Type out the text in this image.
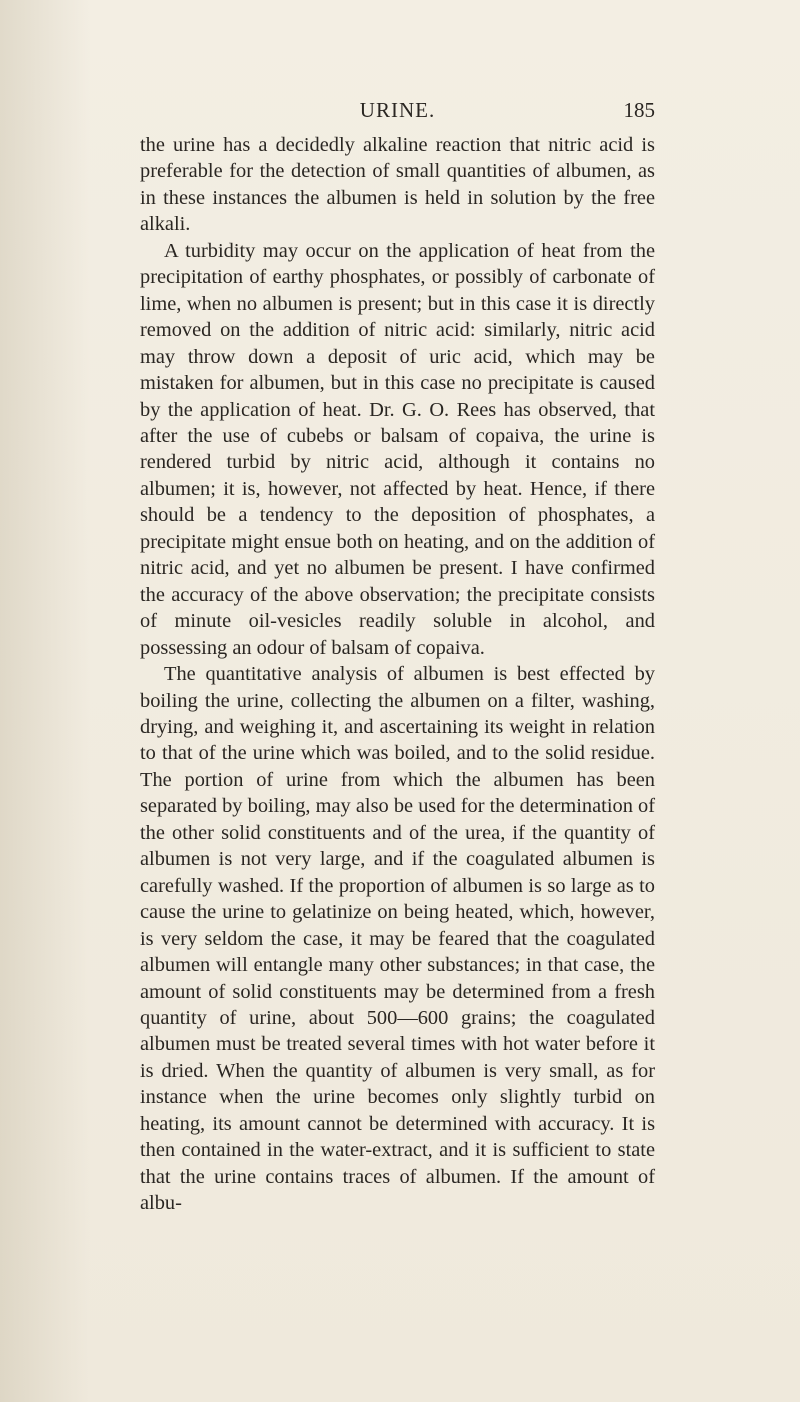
URINE.	185

the urine has a decidedly alkaline reaction that nitric acid is preferable for the detection of small quantities of albumen, as in these instances the albumen is held in solution by the free alkali.

A turbidity may occur on the application of heat from the precipitation of earthy phosphates, or possibly of carbonate of lime, when no albumen is present; but in this case it is directly removed on the addition of nitric acid: similarly, nitric acid may throw down a deposit of uric acid, which may be mistaken for albumen, but in this case no precipitate is caused by the application of heat. Dr. G. O. Rees has observed, that after the use of cubebs or balsam of copaiva, the urine is rendered turbid by nitric acid, although it contains no albumen; it is, however, not affected by heat. Hence, if there should be a tendency to the deposition of phosphates, a precipitate might ensue both on heating, and on the addition of nitric acid, and yet no albumen be present. I have confirmed the accuracy of the above observation; the precipitate consists of minute oil-vesicles readily soluble in alcohol, and possessing an odour of balsam of copaiva.

The quantitative analysis of albumen is best effected by boiling the urine, collecting the albumen on a filter, washing, drying, and weighing it, and ascertaining its weight in relation to that of the urine which was boiled, and to the solid residue. The portion of urine from which the albumen has been separated by boiling, may also be used for the determination of the other solid constituents and of the urea, if the quantity of albumen is not very large, and if the coagulated albumen is carefully washed. If the proportion of albumen is so large as to cause the urine to gelatinize on being heated, which, however, is very seldom the case, it may be feared that the coagulated albumen will entangle many other substances; in that case, the amount of solid constituents may be determined from a fresh quantity of urine, about 500—600 grains; the coagulated albumen must be treated several times with hot water before it is dried. When the quantity of albumen is very small, as for instance when the urine becomes only slightly turbid on heating, its amount cannot be determined with accuracy. It is then contained in the water-extract, and it is sufficient to state that the urine contains traces of albumen. If the amount of albu-
